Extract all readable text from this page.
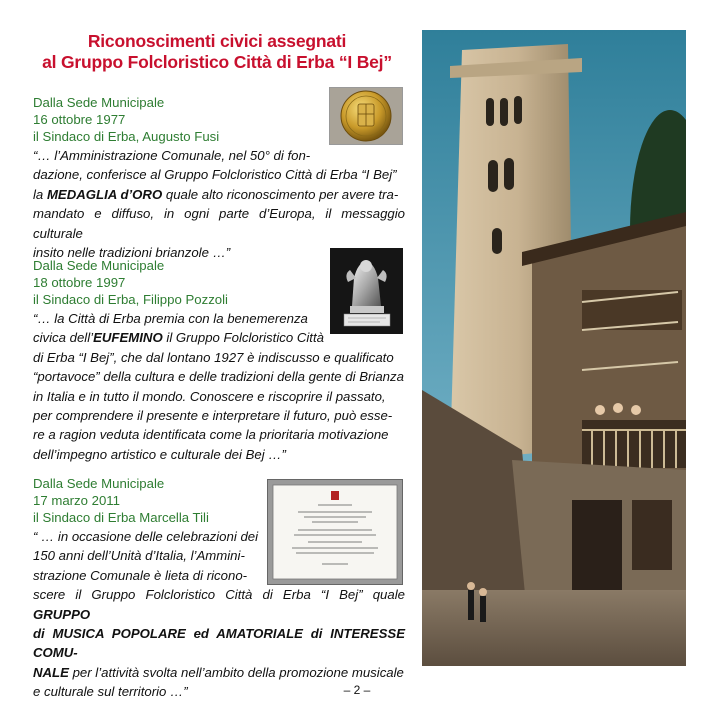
Riconoscimenti civici assegnati
al Gruppo Folcloristico Città di Erba “I Bej”
Dalla Sede Municipale
16 ottobre 1977
il Sindaco di Erba, Augusto Fusi
“… l’Amministrazione Comunale, nel 50° di fon-
dazione, conferisce al Gruppo Folcloristico Città di Erba “I Bej”
la MEDAGLIA d’ORO quale alto riconoscimento per avere tra-
mandato e diffuso, in ogni parte d’Europa, il messaggio culturale
insito nelle tradizioni brianzole …”
Dalla Sede Municipale
18 ottobre 1997
il Sindaco di Erba, Filippo Pozzoli
“… la Città di Erba premia con la benemerenza
civica dell’EUFEMINO il Gruppo Folcloristico Città
di Erba “I Bej”, che dal lontano 1927 è indiscusso e qualificato
“portavoce” della cultura e delle tradizioni della gente di Brianza
in Italia e in tutto il mondo. Conoscere e riscoprire il passato,
per comprendere il presente e interpretare il futuro, può esse-
re a ragion veduta identificata come la prioritaria motivazione
dell’impegno artistico e culturale dei Bej …”
Dalla Sede Municipale
17 marzo 2011
il Sindaco di Erba Marcella Tili
“ … in occasione delle celebrazioni dei
150 anni dell’Unità d’Italia, l’Ammini-
strazione Comunale è lieta di ricono-
scere il Gruppo Folcloristico Città di Erba “I Bej” quale GRUPPO
di MUSICA POPOLARE ed AMATORIALE di INTERESSE COMU-
NALE per l’attività svolta nell’ambito della promozione musicale
e culturale sul territorio …”	– 2 –
